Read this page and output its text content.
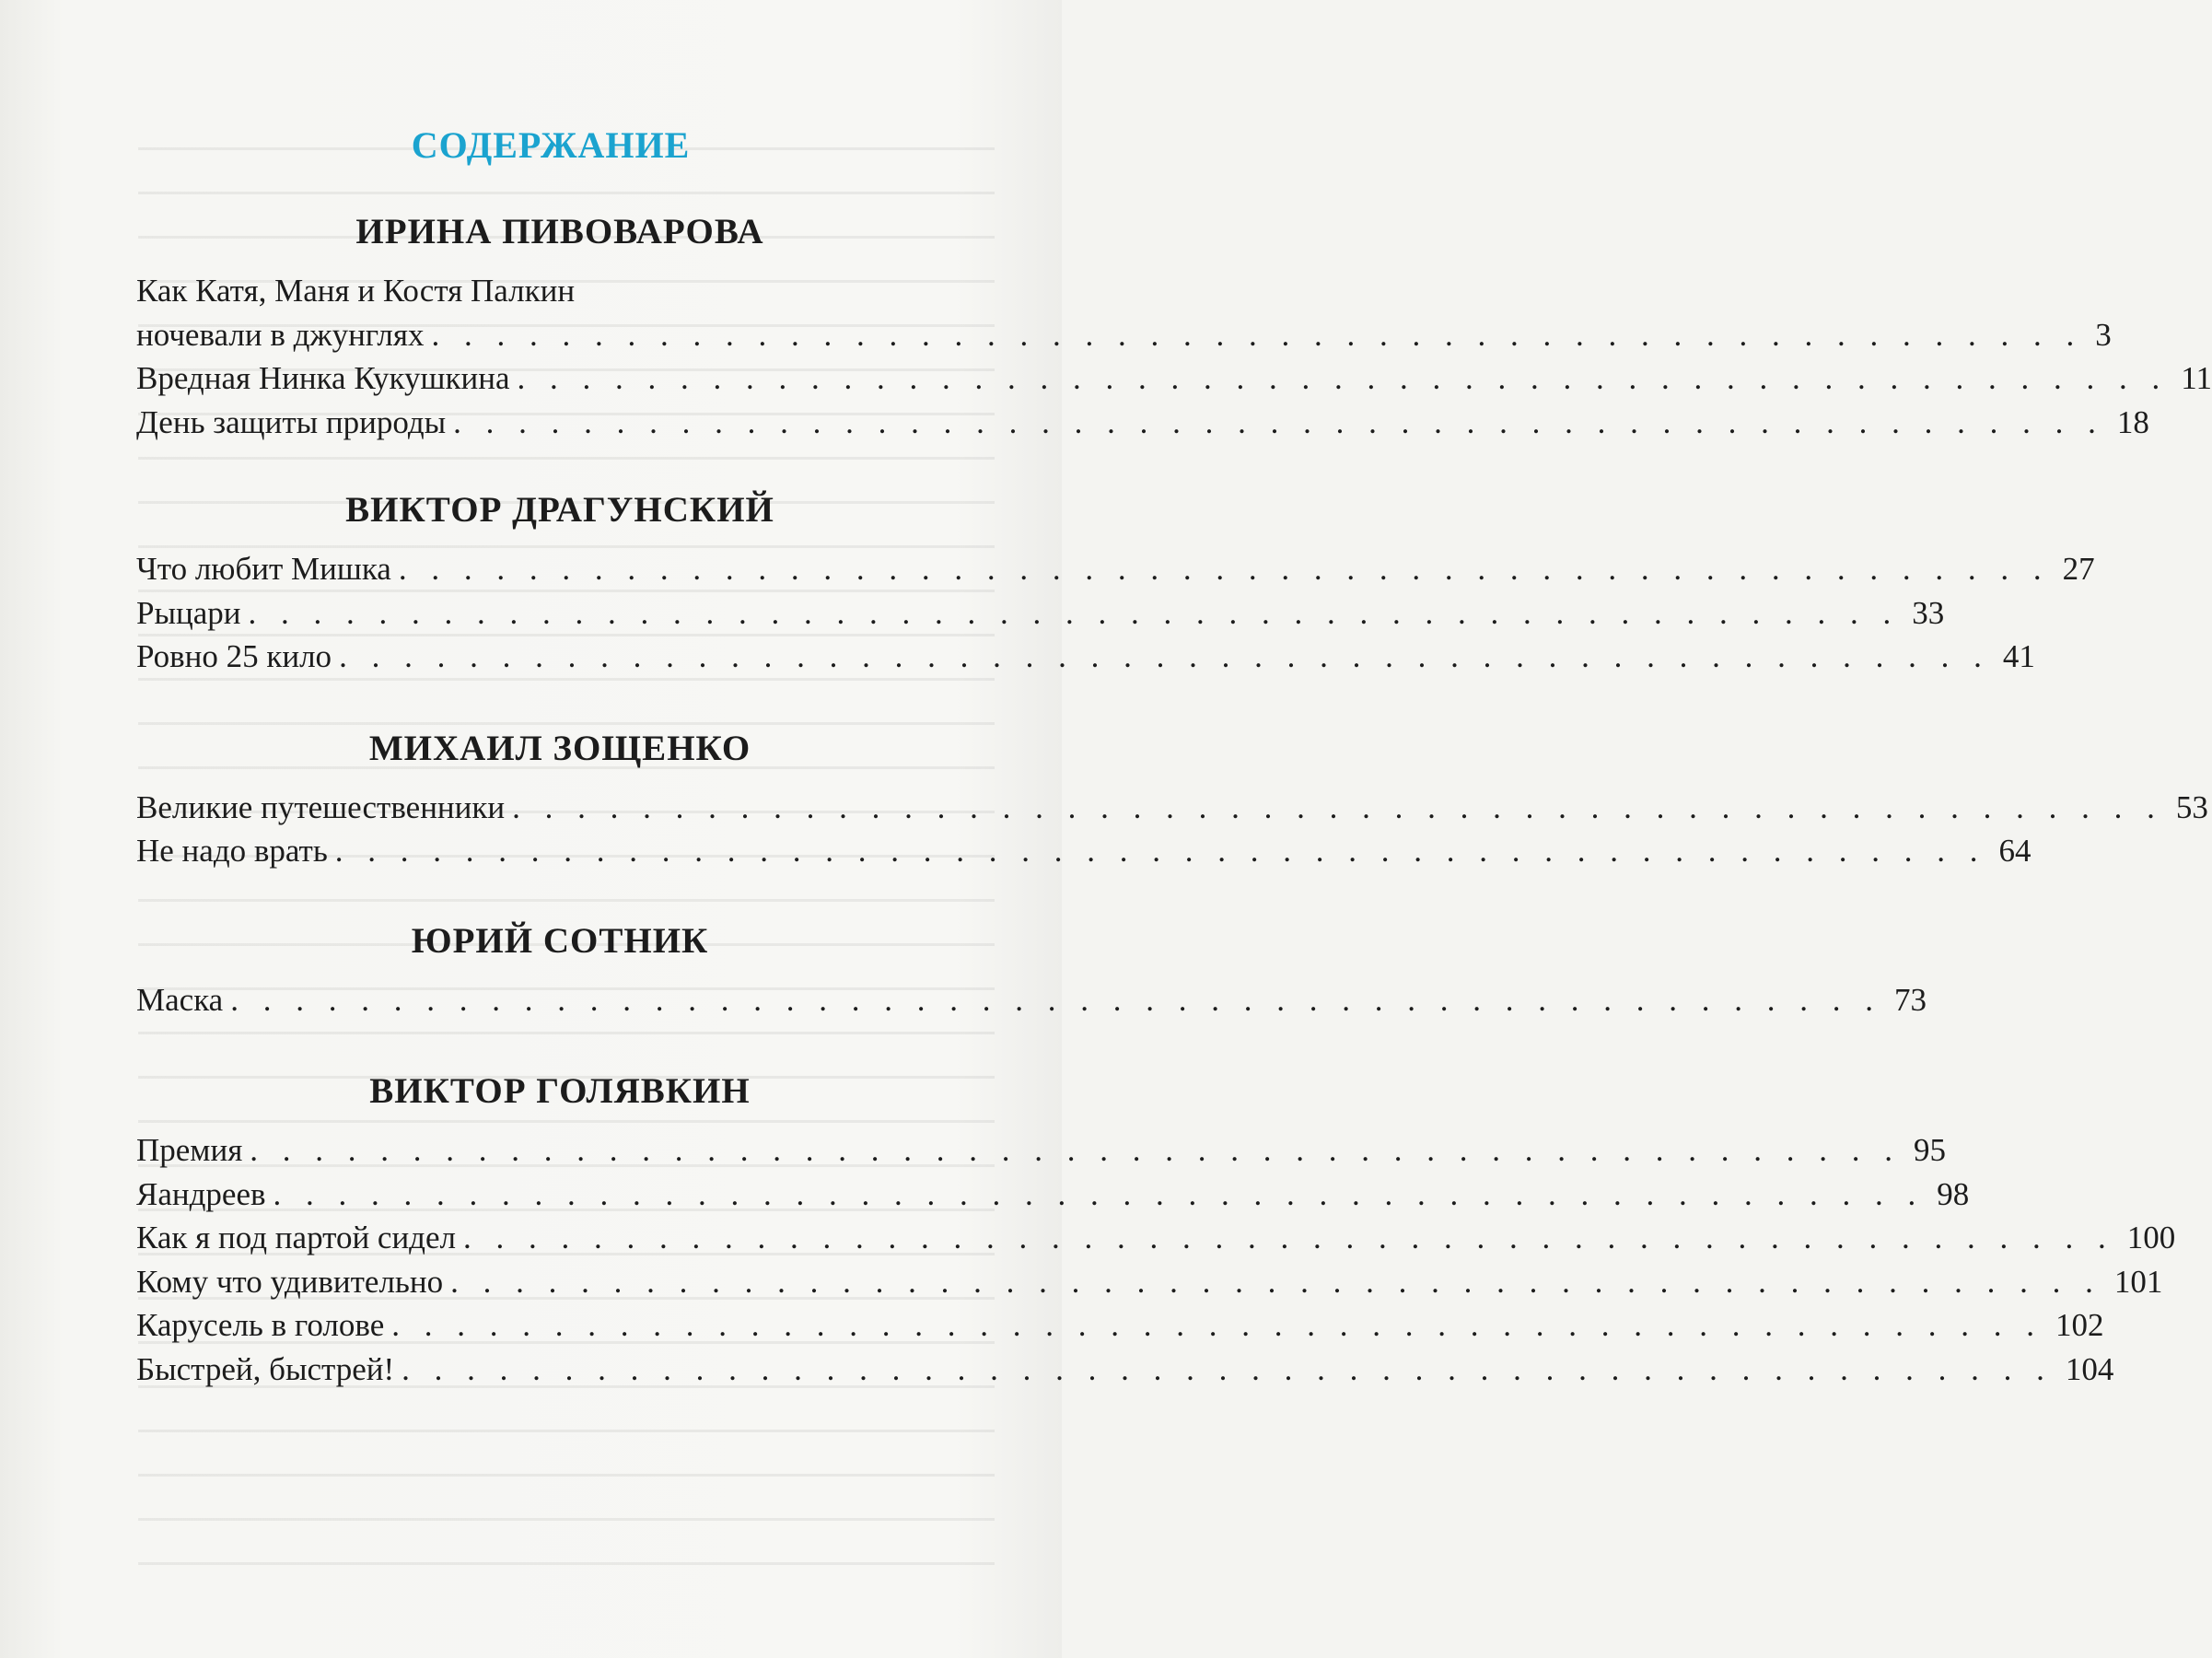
СОДЕРЖАНИЕ
ИРИНА ПИВОВАРОВА
Как Катя, Маня и Костя Палкин
ночевали в джунглях . . . . . . . . . . . . . . . . . . . . . . . . . . . . . . . . . . . . . . . . . . . . . . . . . . . 3
Вредная Нинка Кукушкина . . . . . . . . . . . . . . . . . . . . . . . . . . . . . . . . . . . . . . . . . . . . . . . . . . . 11
День защиты природы . . . . . . . . . . . . . . . . . . . . . . . . . . . . . . . . . . . . . . . . . . . . . . . . . . . 18
ВИКТОР ДРАГУНСКИЙ
Что любит Мишка . . . . . . . . . . . . . . . . . . . . . . . . . . . . . . . . . . . . . . . . . . . . . . . . . . . 27
Рыцари . . . . . . . . . . . . . . . . . . . . . . . . . . . . . . . . . . . . . . . . . . . . . . . . . . . 33
Ровно 25 кило . . . . . . . . . . . . . . . . . . . . . . . . . . . . . . . . . . . . . . . . . . . . . . . . . . . 41
МИХАИЛ ЗОЩЕНКО
Великие путешественники . . . . . . . . . . . . . . . . . . . . . . . . . . . . . . . . . . . . . . . . . . . . . . . . . . . 53
Не надо врать . . . . . . . . . . . . . . . . . . . . . . . . . . . . . . . . . . . . . . . . . . . . . . . . . . . 64
ЮРИЙ СОТНИК
Маска . . . . . . . . . . . . . . . . . . . . . . . . . . . . . . . . . . . . . . . . . . . . . . . . . . . 73
ВИКТОР ГОЛЯВКИН
Премия . . . . . . . . . . . . . . . . . . . . . . . . . . . . . . . . . . . . . . . . . . . . . . . . . . . 95
Яандреев . . . . . . . . . . . . . . . . . . . . . . . . . . . . . . . . . . . . . . . . . . . . . . . . . . . 98
Как я под партой сидел . . . . . . . . . . . . . . . . . . . . . . . . . . . . . . . . . . . . . . . . . . . . . . . . . . . 100
Кому что удивительно . . . . . . . . . . . . . . . . . . . . . . . . . . . . . . . . . . . . . . . . . . . . . . . . . . . 101
Карусель в голове . . . . . . . . . . . . . . . . . . . . . . . . . . . . . . . . . . . . . . . . . . . . . . . . . . . 102
Быстрей, быстрей! . . . . . . . . . . . . . . . . . . . . . . . . . . . . . . . . . . . . . . . . . . . . . . . . . . . 104
